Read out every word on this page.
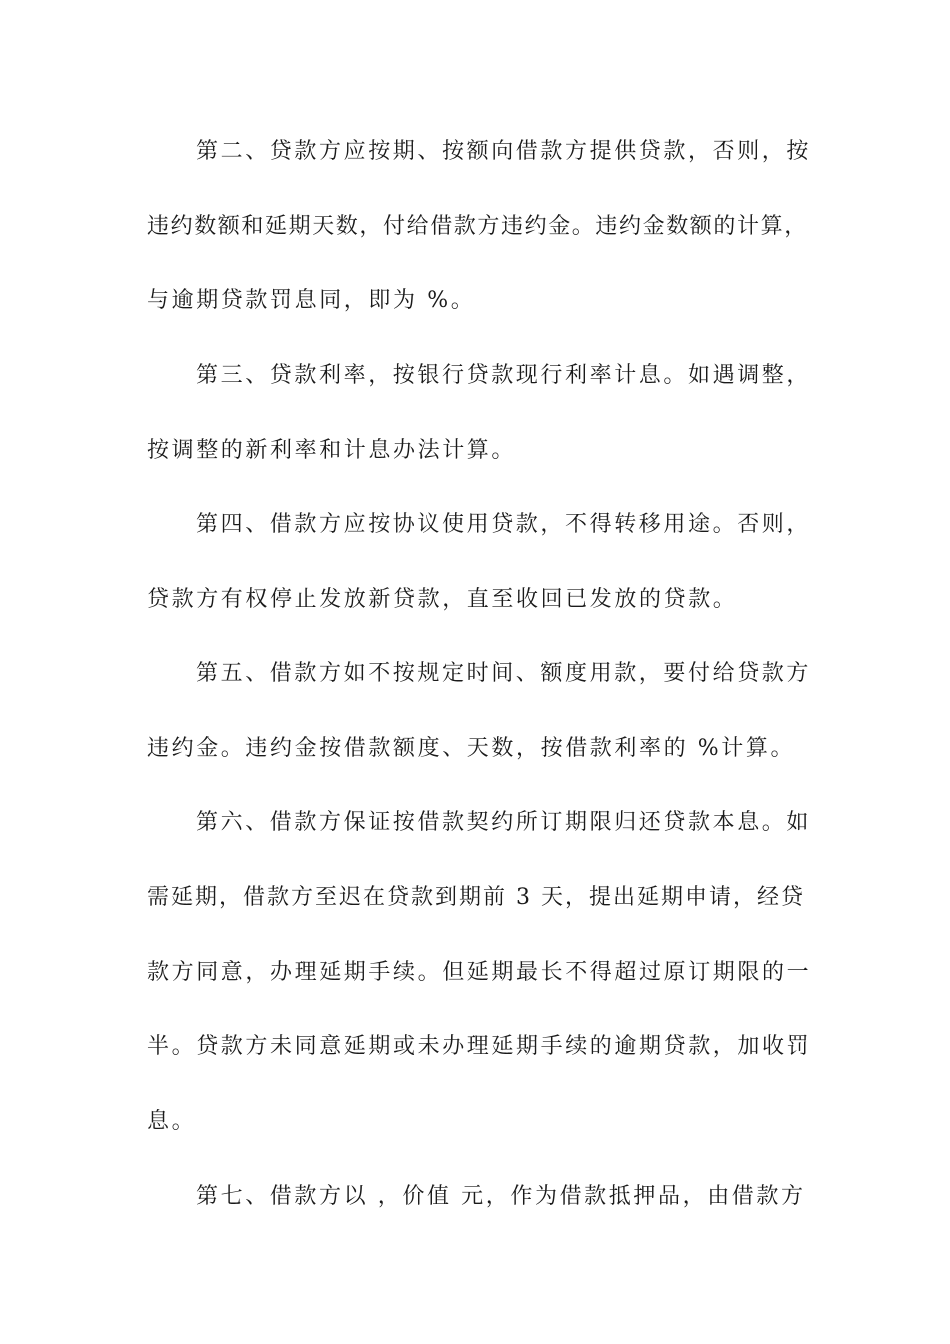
第二、贷款方应按期、按额向借款方提供贷款，否则，按
违约数额和延期天数，付给借款方违约金。违约金数额的计算，
与逾期贷款罚息同，即为 %。
第三、贷款利率，按银行贷款现行利率计息。如遇调整，
按调整的新利率和计息办法计算。
第四、借款方应按协议使用贷款，不得转移用途。否则，
贷款方有权停止发放新贷款，直至收回已发放的贷款。
第五、借款方如不按规定时间、额度用款，要付给贷款方
违约金。违约金按借款额度、天数，按借款利率的 %计算。
第六、借款方保证按借款契约所订期限归还贷款本息。如
需延期，借款方至迟在贷款到期前 3 天，提出延期申请，经贷
款方同意，办理延期手续。但延期最长不得超过原订期限的一
半。贷款方未同意延期或未办理延期手续的逾期贷款，加收罚
息。
第七、借款方以 ，价值 元，作为借款抵押品，由借款方
